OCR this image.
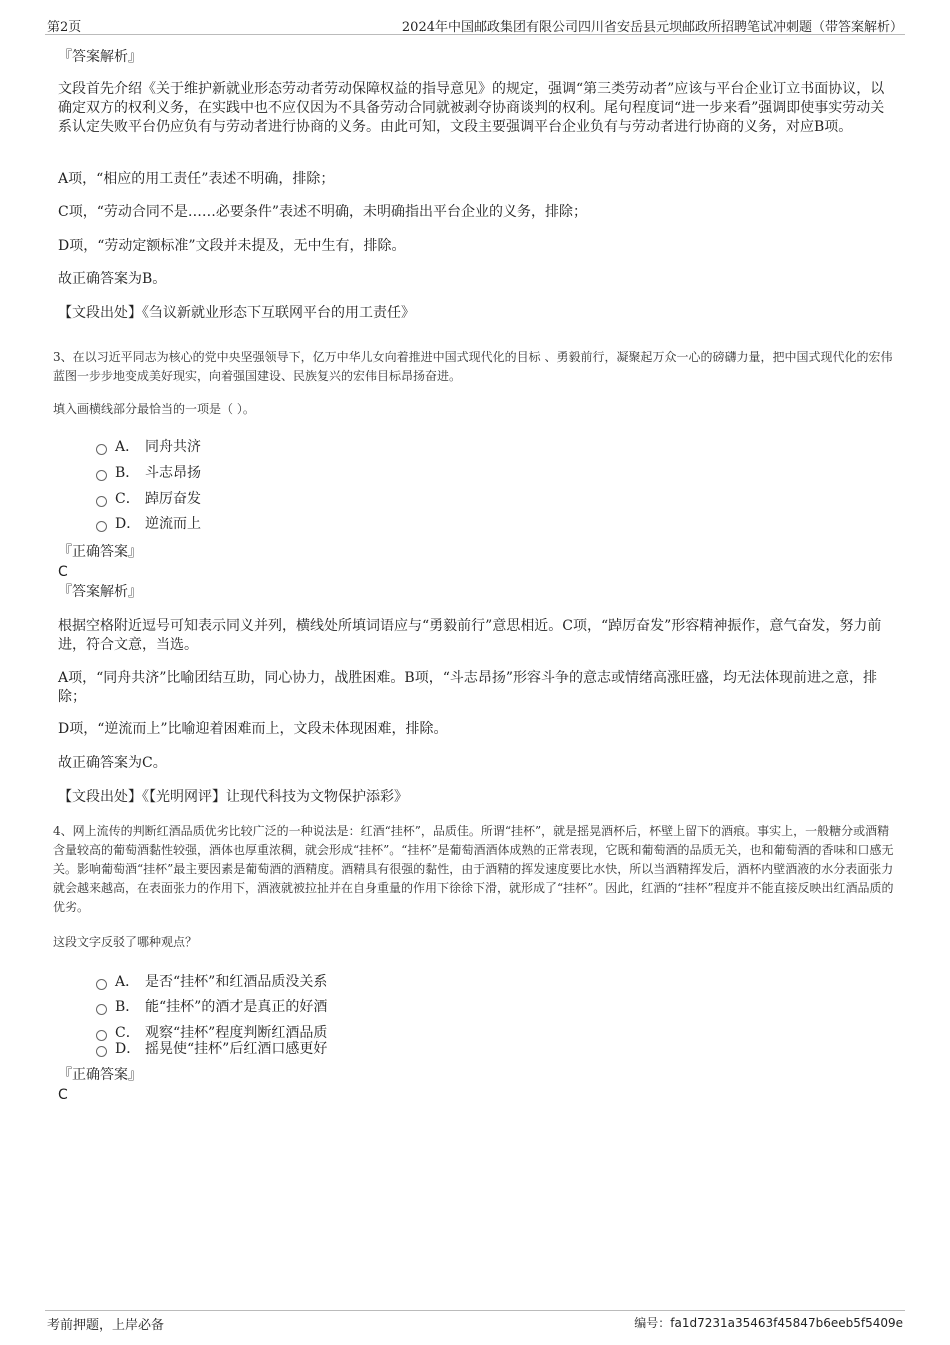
第2页	2024年中国邮政集团有限公司四川省安岳县元坝邮政所招聘笔试冲刺题（带答案解析）
『答案解析』
文段首先介绍《关于维护新就业形态劳动者劳动保障权益的指导意见》的规定，强调“第三类劳动者”应该与平台企业订立书面协议，以确定双方的权利义务，在实践中也不应仅因为不具备劳动合同就被剥夺协商谈判的权利。尾句程度词“进一步来看”强调即使事实劳动关系认定失败平台仍应负有与劳动者进行协商的义务。由此可知，文段主要强调平台企业负有与劳动者进行协商的义务，对应B项。
A项，“相应的用工责任”表述不明确，排除；
C项，“劳动合同不是……必要条件”表述不明确，未明确指出平台企业的义务，排除；
D项，“劳动定额标准”文段并未提及，无中生有，排除。
故正确答案为B。
【文段出处】《刍议新就业形态下互联网平台的用工责任》
3、在以习近平同志为核心的党中央坚强领导下，亿万中华儿女向着推进中国式现代化的目标 、勇毅前行，凝聚起万众一心的磅礴力量，把中国式现代化的宏伟蓝图一步步地变成美好现实，向着强国建设、民族复兴的宏伟目标昂扬奋进。
填入画横线部分最恰当的一项是（ ）。
A． 同舟共济
B． 斗志昂扬
C． 踔厉奋发
D． 逆流而上
『正确答案』
C
『答案解析』
根据空格附近逗号可知表示同义并列，横线处所填词语应与“勇毅前行”意思相近。C项，“踔厉奋发”形容精神振作，意气奋发，努力前进，符合文意，当选。
A项，“同舟共济”比喻团结互助，同心协力，战胜困难。B项，“斗志昂扬”形容斗争的意志或情绪高涨旺盛，均无法体现前进之意，排除；
D项，“逆流而上”比喻迎着困难而上，文段未体现困难，排除。
故正确答案为C。
【文段出处】《【光明网评】让现代科技为文物保护添彩》
4、网上流传的判断红酒品质优劣比较广泛的一种说法是：红酒“挂杯”，品质佳。所谓“挂杯”，就是摇晃酒杯后，杯壁上留下的酒痕。事实上，一般糖分或酒精含量较高的葡萄酒黏性较强，酒体也厚重浓稠，就会形成“挂杯”。“挂杯”是葡萄酒酒体成熟的正常表现，它既和葡萄酒的品质无关，也和葡萄酒的香味和口感无关。影响葡萄酒“挂杯”最主要因素是葡萄酒的酒精度。酒精具有很强的黏性，由于酒精的挥发速度要比水快，所以当酒精挥发后，酒杯内壁酒液的水分表面张力就会越来越高，在表面张力的作用下，酒液就被拉扯并在自身重量的作用下徐徐下滑，就形成了“挂杯”。因此，红酒的“挂杯”程度并不能直接反映出红酒品质的优劣。
这段文字反驳了哪种观点？
A． 是否“挂杯”和红酒品质没关系
B． 能“挂杯”的酒才是真正的好酒
C． 观察“挂杯”程度判断红酒品质
D． 摇晃使“挂杯”后红酒口感更好
『正确答案』
C
考前押题，上岸必备	编号：fa1d7231a35463f45847b6eeb5f5409e
